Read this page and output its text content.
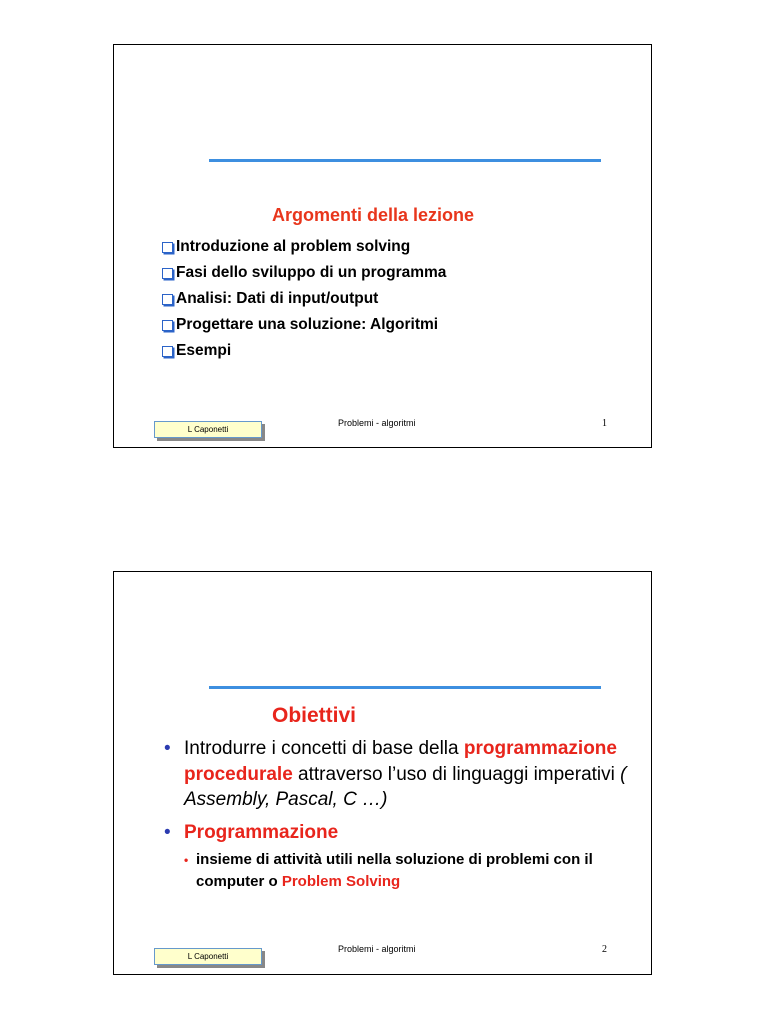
Argomenti della lezione
Introduzione al problem solving
Fasi dello sviluppo di un programma
Analisi: Dati di input/output
Progettare una soluzione: Algoritmi
Esempi
L Caponetti
Problemi - algoritmi	1
Obiettivi
• Introdurre i concetti di base della programmazione procedurale attraverso l’uso di linguaggi imperativi ( Assembly, Pascal, C …)
• Programmazione
• insieme di attività utili nella soluzione di problemi con il computer o Problem Solving
L Caponetti
Problemi - algoritmi	2
